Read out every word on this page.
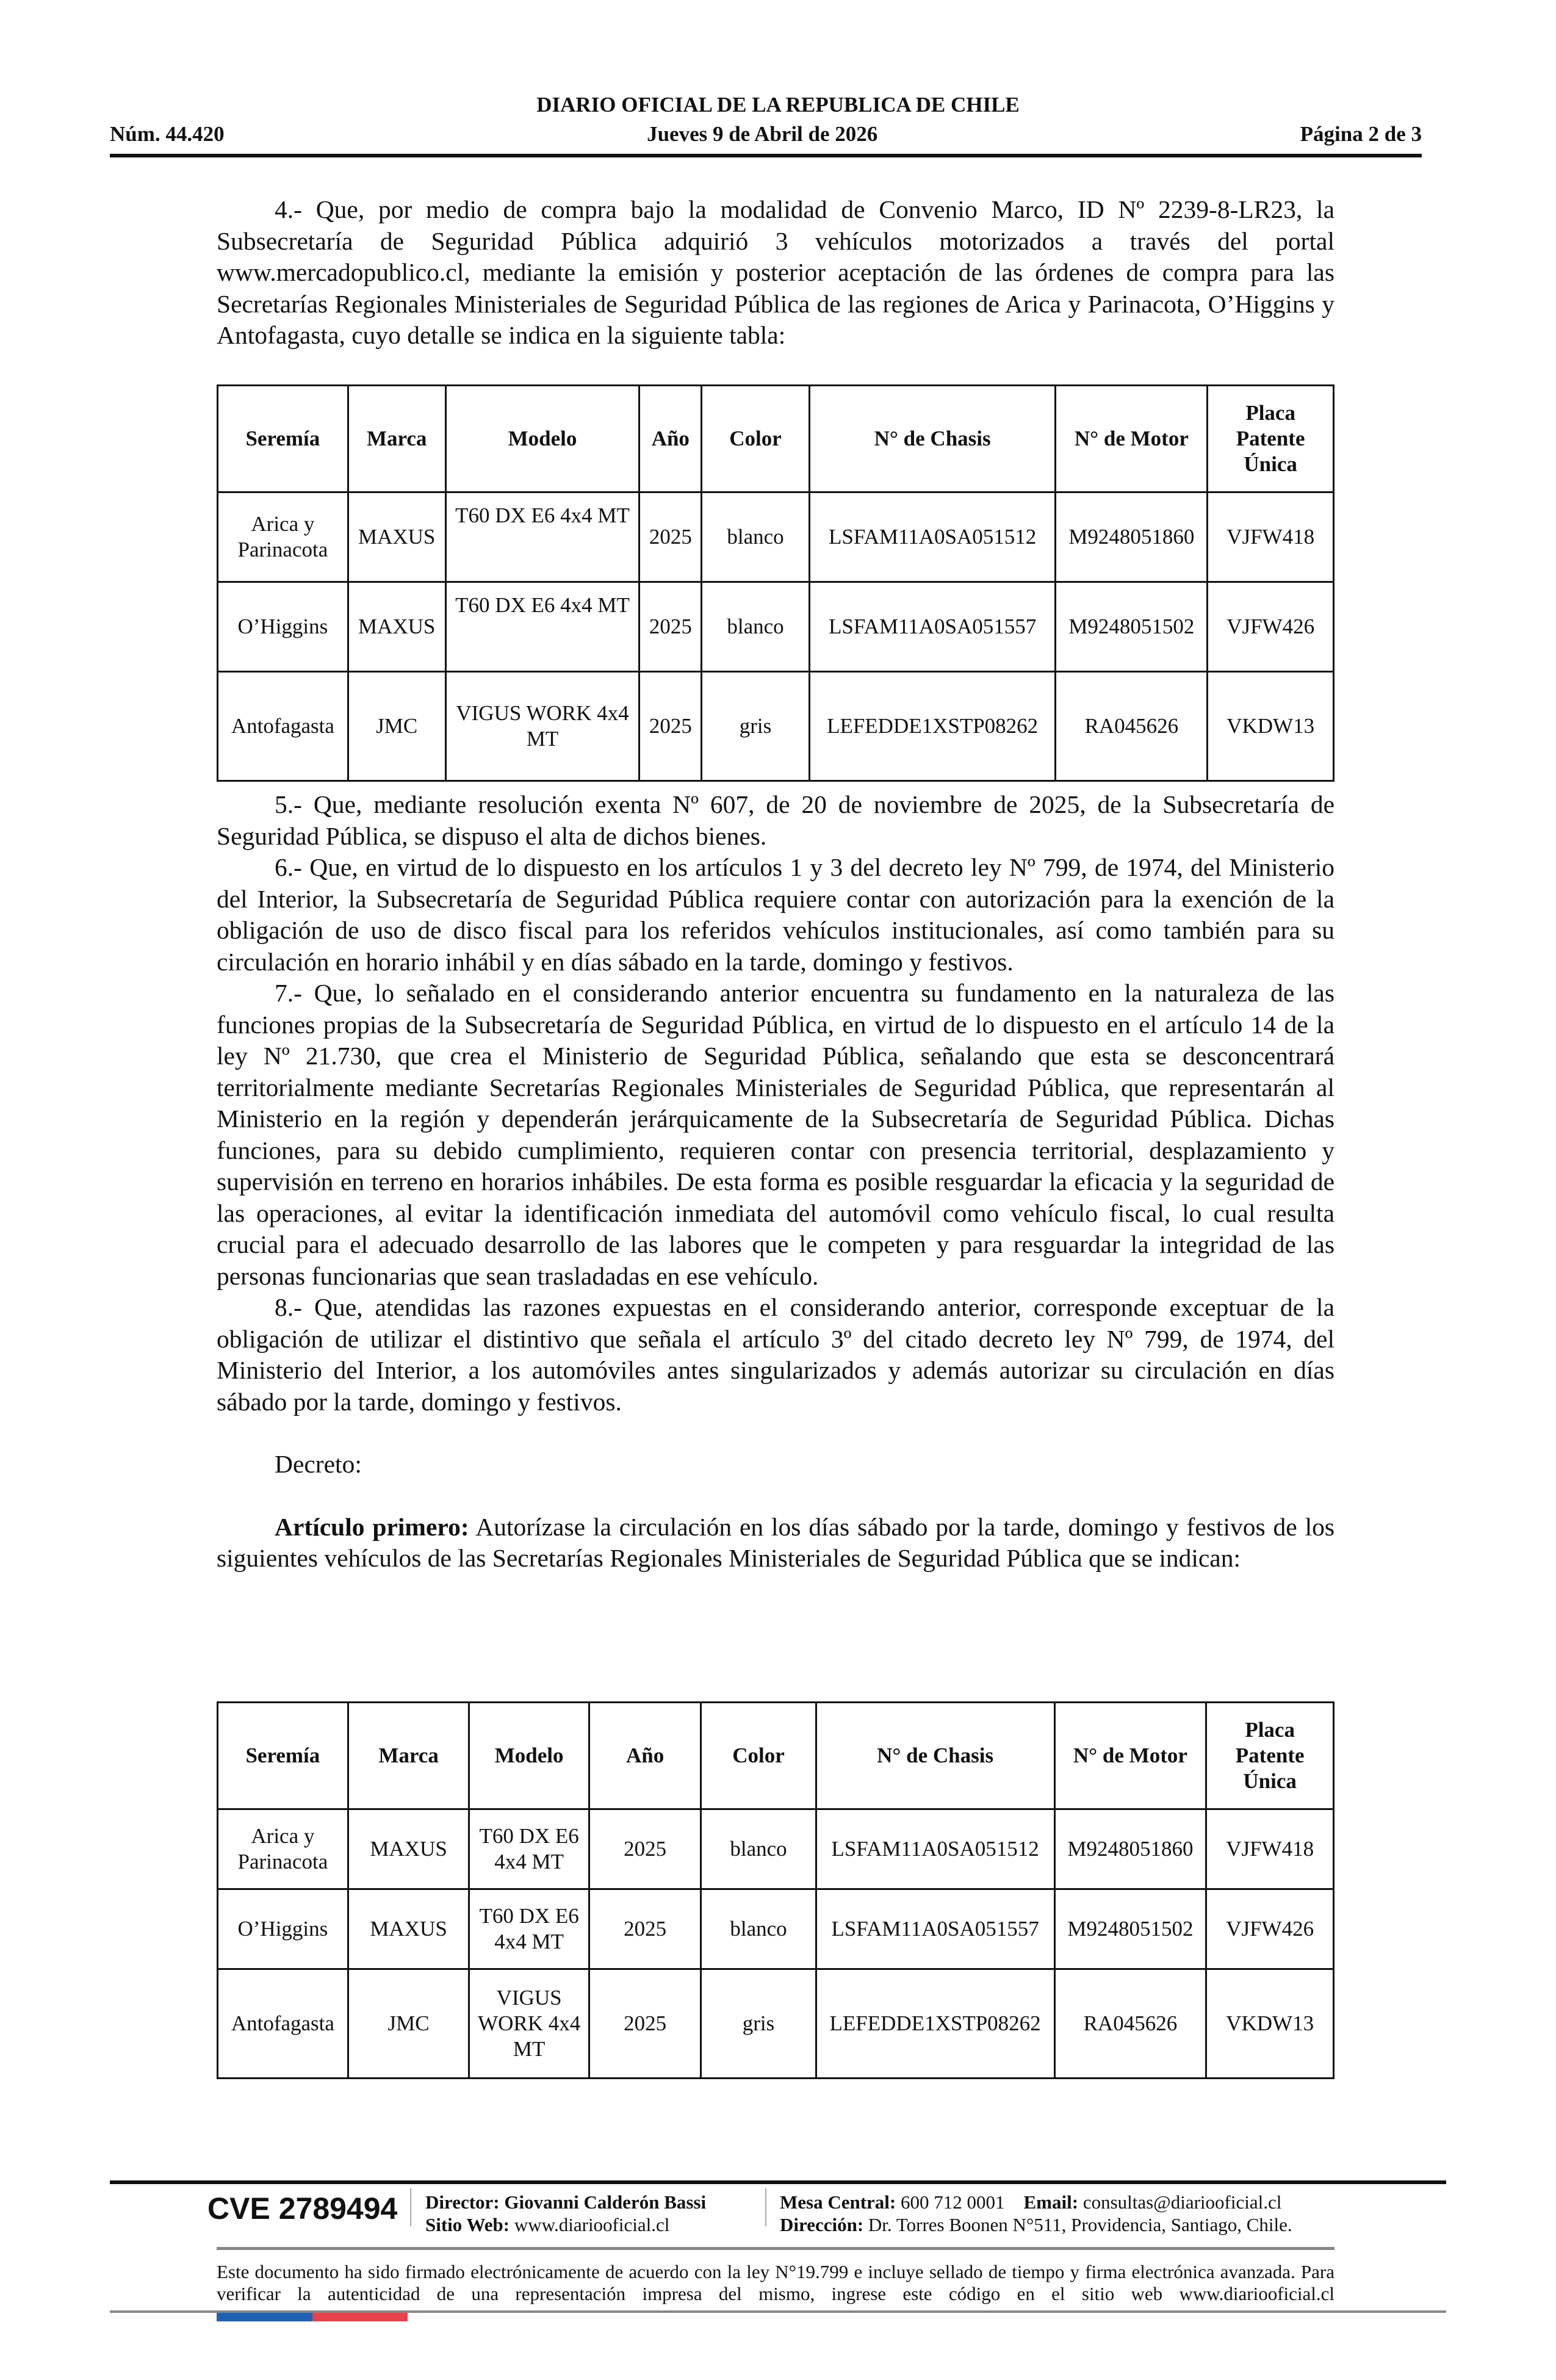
DIARIO OFICIAL DE LA REPUBLICA DE CHILE
Núm. 44.420	Jueves 9 de Abril de 2026	Página 2 de 3

4.- Que, por medio de compra bajo la modalidad de Convenio Marco, ID Nº 2239-8-LR23, la Subsecretaría de Seguridad Pública adquirió 3 vehículos motorizados a través del portal www.mercadopublico.cl, mediante la emisión y posterior aceptación de las órdenes de compra para las Secretarías Regionales Ministeriales de Seguridad Pública de las regiones de Arica y Parinacota, O’Higgins y Antofagasta, cuyo detalle se indica en la siguiente tabla:

Seremía	Marca	Modelo	Año	Color	N° de Chasis	N° de Motor	Placa Patente Única
Arica y Parinacota	MAXUS	T60 DX E6 4x4 MT	2025	blanco	LSFAM11A0SA051512	M9248051860	VJFW418
O’Higgins	MAXUS	T60 DX E6 4x4 MT	2025	blanco	LSFAM11A0SA051557	M9248051502	VJFW426
Antofagasta	JMC	VIGUS WORK 4x4 MT	2025	gris	LEFEDDE1XSTP08262	RA045626	VKDW13

5.- Que, mediante resolución exenta Nº 607, de 20 de noviembre de 2025, de la Subsecretaría de Seguridad Pública, se dispuso el alta de dichos bienes.

6.- Que, en virtud de lo dispuesto en los artículos 1 y 3 del decreto ley Nº 799, de 1974, del Ministerio del Interior, la Subsecretaría de Seguridad Pública requiere contar con autorización para la exención de la obligación de uso de disco fiscal para los referidos vehículos institucionales, así como también para su circulación en horario inhábil y en días sábado en la tarde, domingo y festivos.

7.- Que, lo señalado en el considerando anterior encuentra su fundamento en la naturaleza de las funciones propias de la Subsecretaría de Seguridad Pública, en virtud de lo dispuesto en el artículo 14 de la ley Nº 21.730, que crea el Ministerio de Seguridad Pública, señalando que esta se desconcentrará territorialmente mediante Secretarías Regionales Ministeriales de Seguridad Pública, que representarán al Ministerio en la región y dependerán jerárquicamente de la Subsecretaría de Seguridad Pública. Dichas funciones, para su debido cumplimiento, requieren contar con presencia territorial, desplazamiento y supervisión en terreno en horarios inhábiles. De esta forma es posible resguardar la eficacia y la seguridad de las operaciones, al evitar la identificación inmediata del automóvil como vehículo fiscal, lo cual resulta crucial para el adecuado desarrollo de las labores que le competen y para resguardar la integridad de las personas funcionarias que sean trasladadas en ese vehículo.

8.- Que, atendidas las razones expuestas en el considerando anterior, corresponde exceptuar de la obligación de utilizar el distintivo que señala el artículo 3º del citado decreto ley Nº 799, de 1974, del Ministerio del Interior, a los automóviles antes singularizados y además autorizar su circulación en días sábado por la tarde, domingo y festivos.

Decreto:

Artículo primero: Autorízase la circulación en los días sábado por la tarde, domingo y festivos de los siguientes vehículos de las Secretarías Regionales Ministeriales de Seguridad Pública que se indican:

Seremía	Marca	Modelo	Año	Color	N° de Chasis	N° de Motor	Placa Patente Única
Arica y Parinacota	MAXUS	T60 DX E6 4x4 MT	2025	blanco	LSFAM11A0SA051512	M9248051860	VJFW418
O’Higgins	MAXUS	T60 DX E6 4x4 MT	2025	blanco	LSFAM11A0SA051557	M9248051502	VJFW426
Antofagasta	JMC	VIGUS WORK 4x4 MT	2025	gris	LEFEDDE1XSTP08262	RA045626	VKDW13
CVE 2789494 Director: Giovanni Calderón Bassi
Sitio Web: www.diariooficial.cl
Mesa Central: 600 712 0001 Email: consultas@diariooficial.cl
Dirección: Dr. Torres Boonen N°511, Providencia, Santiago, Chile.
Este documento ha sido firmado electrónicamente de acuerdo con la ley N°19.799 e incluye sellado de tiempo y firma electrónica avanzada. Para verificar la autenticidad de una representación impresa del mismo, ingrese este código en el sitio web www.diariooficial.cl
